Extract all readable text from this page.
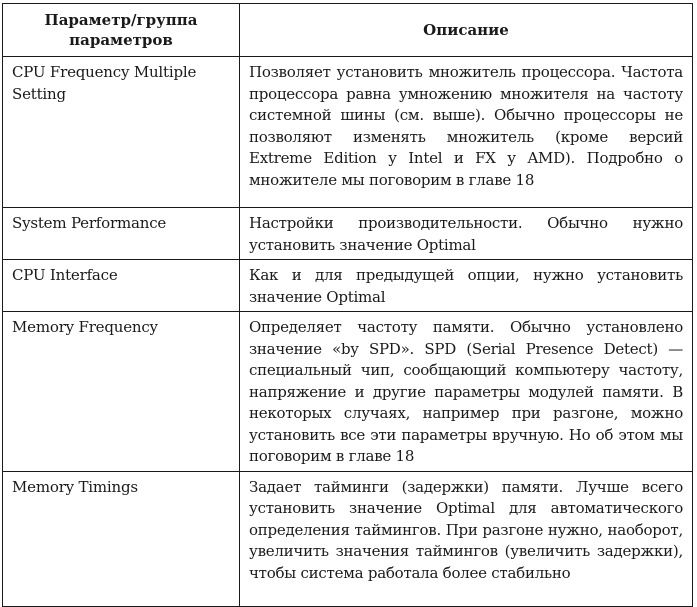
Параметр/группа параметров	Описание
CPU Frequency Multiple Setting	Позволяет установить множитель процессора. Частота процессора равна умножению множителя на частоту системной шины (см. выше). Обычно процессоры не позволяют изменять множитель (кроме версий Extreme Edition у Intel и FX у AMD). Подробно о множителе мы поговорим в главе 18
System Performance	Настройки производительности. Обычно нужно установить значение Optimal
CPU Interface	Как и для предыдущей опции, нужно установить значение Optimal
Memory Frequency	Определяет частоту памяти. Обычно установлено значение «by SPD». SPD (Serial Presence Detect) — специальный чип, сообщающий компьютеру частоту, напряжение и другие параметры модулей памяти. В некоторых случаях, например при разгоне, можно установить все эти параметры вручную. Но об этом мы поговорим в главе 18
Memory Timings	Задает тайминги (задержки) памяти. Лучше всего установить значение Optimal для автоматического определения таймингов. При разгоне нужно, наоборот, увеличить значения таймингов (увеличить задержки), чтобы система работала более стабильно
